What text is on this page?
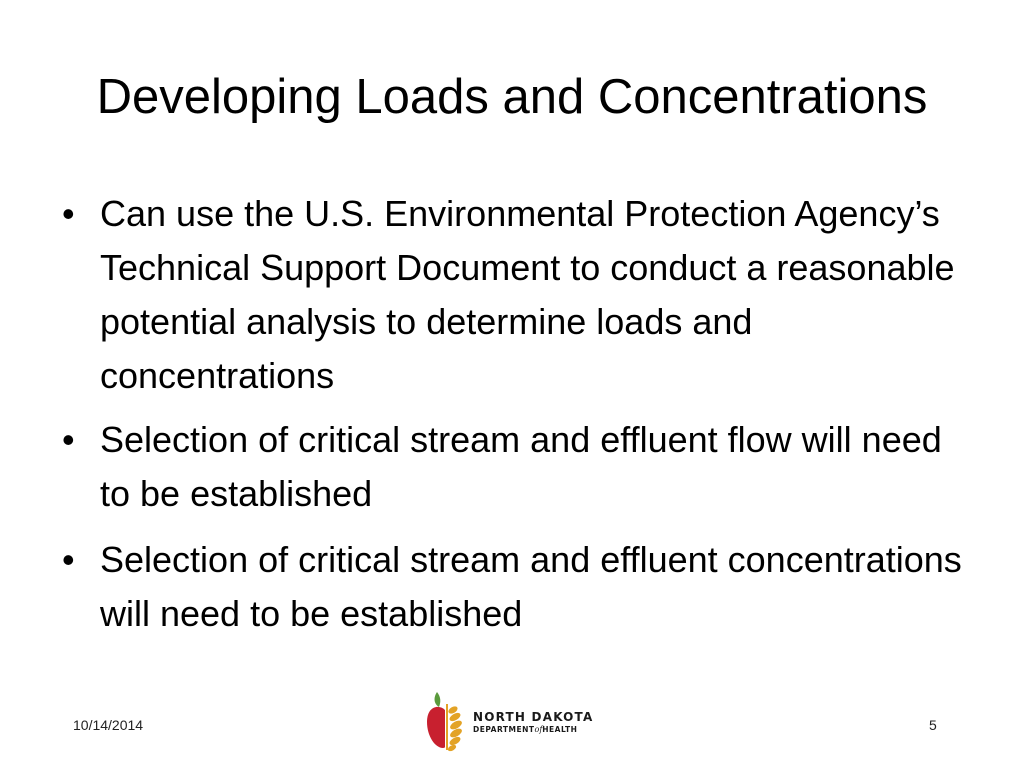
Developing Loads and Concentrations
• Can use the U.S. Environmental Protection Agency’s Technical Support Document to conduct a reasonable potential analysis to determine loads and concentrations
• Selection of critical stream and effluent flow will need to be established
• Selection of critical stream and effluent concentrations will need to be established
10/14/2014	NORTH DAKOTA
DEPARTMENTofHEALTH	5
